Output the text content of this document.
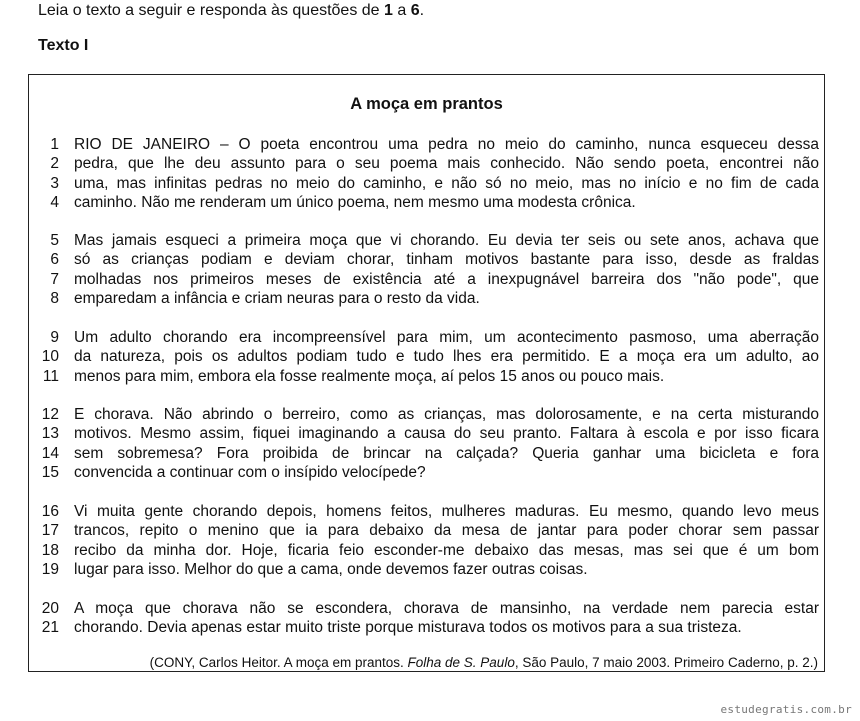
Leia o texto a seguir e responda às questões de 1 a 6.
Texto I
A moça em prantos
1 RIO DE JANEIRO – O poeta encontrou uma pedra no meio do caminho, nunca esqueceu dessa
2 pedra, que lhe deu assunto para o seu poema mais conhecido. Não sendo poeta, encontrei não
3 uma, mas infinitas pedras no meio do caminho, e não só no meio, mas no início e no fim de cada
4 caminho. Não me renderam um único poema, nem mesmo uma modesta crônica.
5 Mas jamais esqueci a primeira moça que vi chorando. Eu devia ter seis ou sete anos, achava que
6 só as crianças podiam e deviam chorar, tinham motivos bastante para isso, desde as fraldas
7 molhadas nos primeiros meses de existência até a inexpugnável barreira dos "não pode", que
8 emparedam a infância e criam neuras para o resto da vida.
9 Um adulto chorando era incompreensível para mim, um acontecimento pasmoso, uma aberração
10 da natureza, pois os adultos podiam tudo e tudo lhes era permitido. E a moça era um adulto, ao
11 menos para mim, embora ela fosse realmente moça, aí pelos 15 anos ou pouco mais.
12 E chorava. Não abrindo o berreiro, como as crianças, mas dolorosamente, e na certa misturando
13 motivos. Mesmo assim, fiquei imaginando a causa do seu pranto. Faltara à escola e por isso ficara
14 sem sobremesa? Fora proibida de brincar na calçada? Queria ganhar uma bicicleta e fora
15 convencida a continuar com o insípido velocípede?
16 Vi muita gente chorando depois, homens feitos, mulheres maduras. Eu mesmo, quando levo meus
17 trancos, repito o menino que ia para debaixo da mesa de jantar para poder chorar sem passar
18 recibo da minha dor. Hoje, ficaria feio esconder-me debaixo das mesas, mas sei que é um bom
19 lugar para isso. Melhor do que a cama, onde devemos fazer outras coisas.
20 A moça que chorava não se escondera, chorava de mansinho, na verdade nem parecia estar
21 chorando. Devia apenas estar muito triste porque misturava todos os motivos para a sua tristeza.
(CONY, Carlos Heitor. A moça em prantos. Folha de S. Paulo, São Paulo, 7 maio 2003. Primeiro Caderno, p. 2.)
estudegratis.com.br
